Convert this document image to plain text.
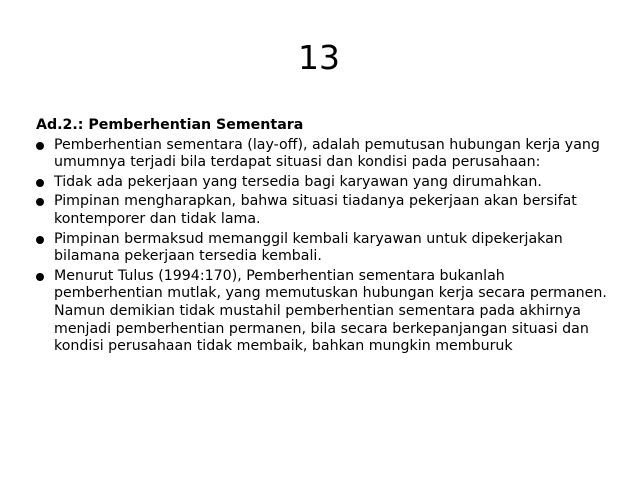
13

Ad.2.: Pemberhentian Sementara

Pemberhentian sementara (lay-off), adalah pemutusan hubungan kerja yang umumnya terjadi bila terdapat situasi dan kondisi pada perusahaan:
Tidak ada pekerjaan yang tersedia bagi karyawan yang dirumahkan.
Pimpinan mengharapkan, bahwa situasi tiadanya pekerjaan akan bersifat kontemporer dan tidak lama.
Pimpinan bermaksud memanggil kembali karyawan untuk dipekerjakan bilamana pekerjaan tersedia kembali.
Menurut Tulus (1994:170), Pemberhentian sementara bukanlah pemberhentian mutlak, yang memutuskan hubungan kerja secara permanen. Namun demikian tidak mustahil pemberhentian sementara pada akhirnya menjadi pemberhentian permanen, bila secara berkepanjangan situasi dan kondisi perusahaan tidak membaik, bahkan mungkin memburuk
